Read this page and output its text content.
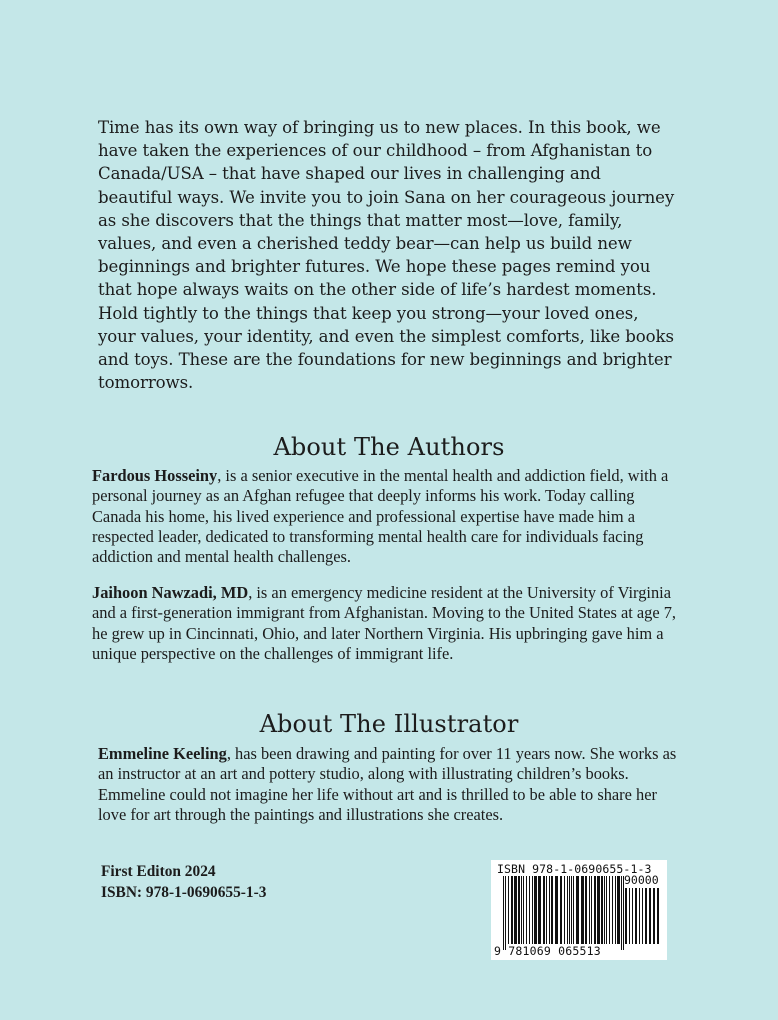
Time has its own way of bringing us to new places. In this book, we have taken the experiences of our childhood – from Afghanistan to Canada/USA – that have shaped our lives in challenging and beautiful ways. We invite you to join Sana on her courageous journey as she discovers that the things that matter most—love, family, values, and even a cherished teddy bear—can help us build new beginnings and brighter futures. We hope these pages remind you that hope always waits on the other side of life’s hardest moments. Hold tightly to the things that keep you strong—your loved ones, your values, your identity, and even the simplest comforts, like books and toys. These are the foundations for new beginnings and brighter tomorrows.

About The Authors

Fardous Hosseiny, is a senior executive in the mental health and addiction field, with a personal journey as an Afghan refugee that deeply informs his work. Today calling Canada his home, his lived experience and professional expertise have made him a respected leader, dedicated to transforming mental health care for individuals facing addiction and mental health challenges.

Jaihoon Nawzadi, MD, is an emergency medicine resident at the University of Virginia and a first-generation immigrant from Afghanistan. Moving to the United States at age 7, he grew up in Cincinnati, Ohio, and later Northern Virginia. His upbringing gave him a unique perspective on the challenges of immigrant life.

About The Illustrator

Emmeline Keeling, has been drawing and painting for over 11 years now. She works as an instructor at an art and pottery studio, along with illustrating children’s books. Emmeline could not imagine her life without art and is thrilled to be able to share her love for art through the paintings and illustrations she creates.

First Editon 2024
ISBN: 978-1-0690655-1-3
ISBN 978-1-0690655-1-3
90000
9 781069 065513
